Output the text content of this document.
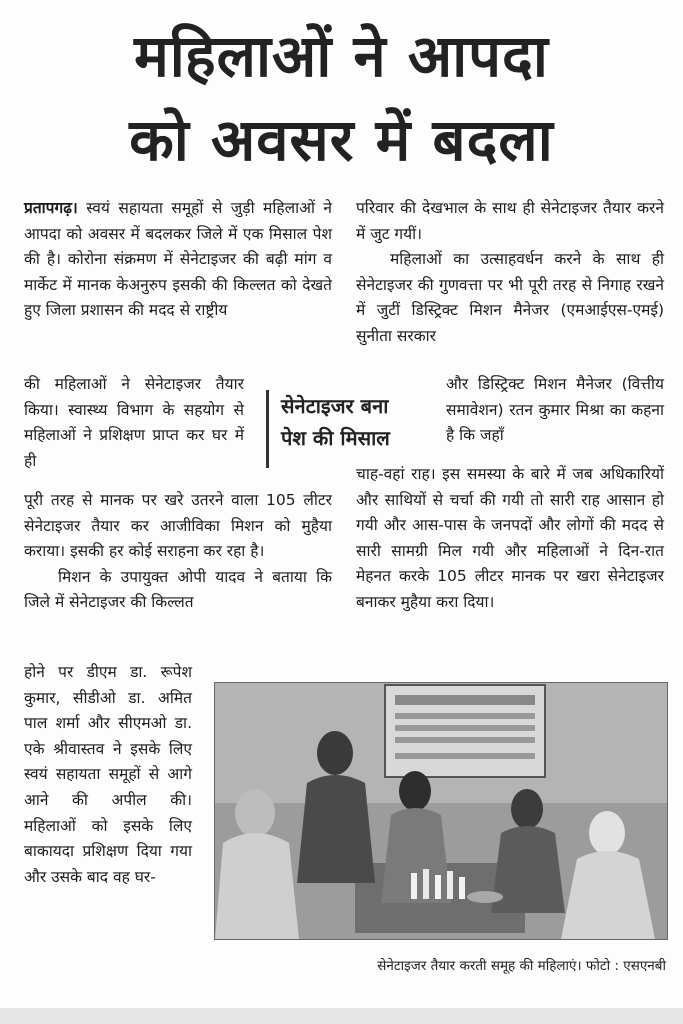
महिलाओं ने आपदा
को अवसर में बदला

प्रतापगढ़। स्वयं सहायता समूहों से जुड़ी महिलाओं ने आपदा को अवसर में बदलकर जिले में एक मिसाल पेश की है। कोरोना संक्रमण में सेनेटाइजर की बढ़ी मांग व मार्केट में मानक केअनुरुप इसकी की किल्लत को देखते हुए जिला प्रशासन की मदद से राष्ट्रीय

की महिलाओं ने सेनेटाइजर तैयार किया। स्वास्थ्य विभाग के सहयोग से महिलाओं ने प्रशिक्षण प्राप्त कर घर में ही

सेनेटाइजर बना
पेश की मिसाल

पूरी तरह से मानक पर खरे उतरने वाला 105 लीटर सेनेटाइजर तैयार कर आजीविका मिशन को मुहैया कराया। इसकी हर कोई सराहना कर रहा है।

मिशन के उपायुक्त ओपी यादव ने बताया कि जिले में सेनेटाइजर की किल्लत

होने पर डीएम डा. रूपेश कुमार, सीडीओ डा. अमित पाल शर्मा और सीएमओ डा. एके श्रीवास्तव ने इसके लिए स्वयं सहायता समूहों से आगे आने की अपील की। महिलाओं को इसके लिए बाकायदा प्रशिक्षण दिया गया और उसके बाद वह घर-

परिवार की देखभाल के साथ ही सेनेटाइजर तैयार करने में जुट गयीं।

महिलाओं का उत्साहवर्धन करने के साथ ही सेनेटाइजर की गुणवत्ता पर भी पूरी तरह से निगाह रखने में जुटीं डिस्ट्रिक्ट मिशन मैनेजर (एमआईएस-एमई) सुनीता सरकार

और डिस्ट्रिक्ट मिशन मैनेजर (वित्तीय समावेशन) रतन कुमार मिश्रा का कहना है कि जहाँ

चाह-वहां राह। इस समस्या के बारे में जब अधिकारियों और साथियों से चर्चा की गयी तो सारी राह आसान हो गयी और आस-पास के जनपदों और लोगों की मदद से सारी सामग्री मिल गयी और महिलाओं ने दिन-रात मेहनत करके 105 लीटर मानक पर खरा सेनेटाइजर बनाकर मुहैया करा दिया।

सेनेटाइजर तैयार करती समूह की महिलाएं। फोटो : एसएनबी
